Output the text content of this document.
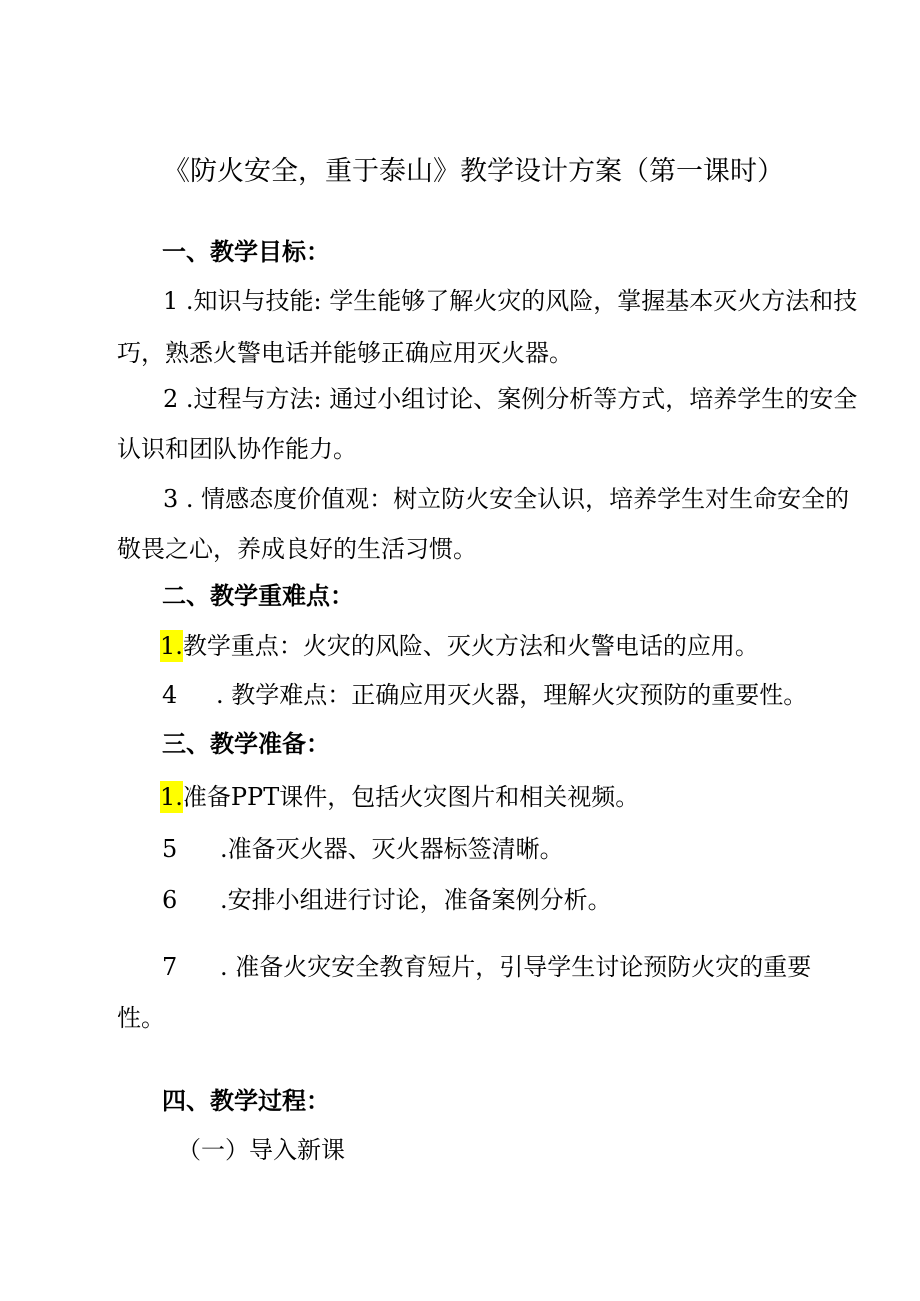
《防火安全，重于泰山》教学设计方案（第一课时）

一、教学目标：

1 .知识与技能: 学生能够了解火灾的风险，掌握基本灭火方法和技

巧，熟悉火警电话并能够正确应用灭火器。

2 .过程与方法: 通过小组讨论、案例分析等方式，培养学生的安全

认识和团队协作能力。

3 . 情感态度价值观：树立防火安全认识，培养学生对生命安全的

敬畏之心，养成良好的生活习惯。

二、教学重难点：

1.教学重点：火灾的风险、灭火方法和火警电话的应用。

4 . 教学难点：正确应用灭火器，理解火灾预防的重要性。

三、教学准备：

1.准备PPT课件，包括火灾图片和相关视频。

5 .准备灭火器、灭火器标签清晰。

6 .安排小组进行讨论，准备案例分析。

7 . 准备火灾安全教育短片，引导学生讨论预防火灾的重要

性。

四、教学过程：

（一）导入新课
